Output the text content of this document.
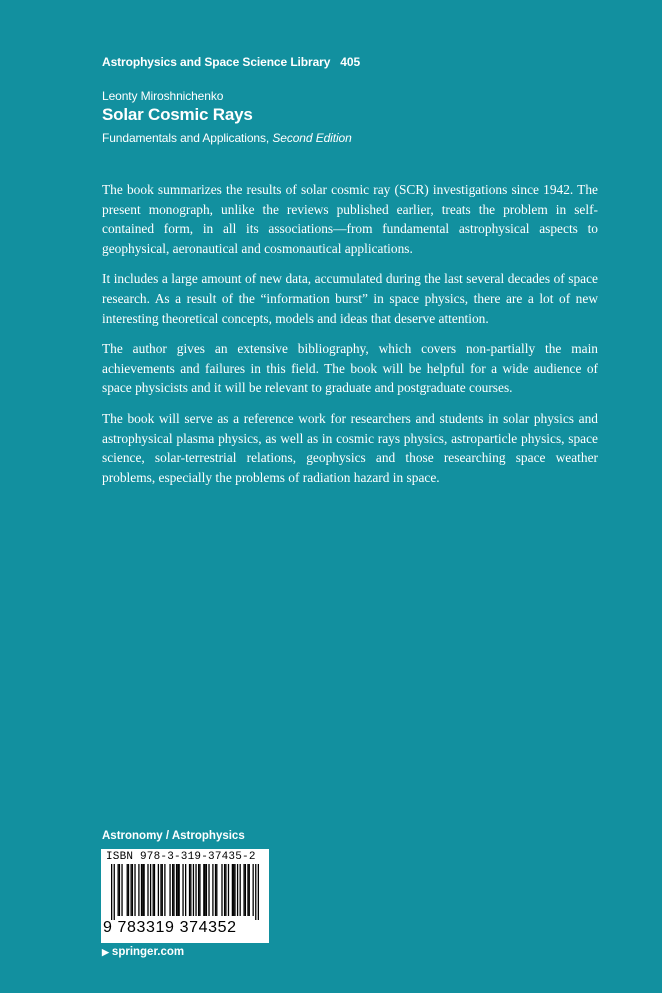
Astrophysics and Space Science Library 405
Leonty Miroshnichenko
Solar Cosmic Rays
Fundamentals and Applications, Second Edition

The book summarizes the results of solar cosmic ray (SCR) investigations since 1942. The present monograph, unlike the reviews published earlier, treats the problem in self-contained form, in all its associations—from fundamental astrophysical aspects to geophysical, aeronautical and cosmonautical applications.

It includes a large amount of new data, accumulated during the last several decades of space research. As a result of the “information burst” in space physics, there are a lot of new interesting theoretical concepts, models and ideas that deserve attention.

The author gives an extensive bibliography, which covers non-partially the main achievements and failures in this field. The book will be helpful for a wide audience of space physicists and it will be relevant to graduate and postgraduate courses.

The book will serve as a reference work for researchers and students in solar physics and astrophysical plasma physics, as well as in cosmic rays physics, astroparticle physics, space science, solar-terrestrial relations, geophysics and those researching space weather problems, especially the problems of radiation hazard in space.

Astronomy / Astrophysics
ISBN 978-3-319-37435-2
9 783319 374352
▶ springer.com
